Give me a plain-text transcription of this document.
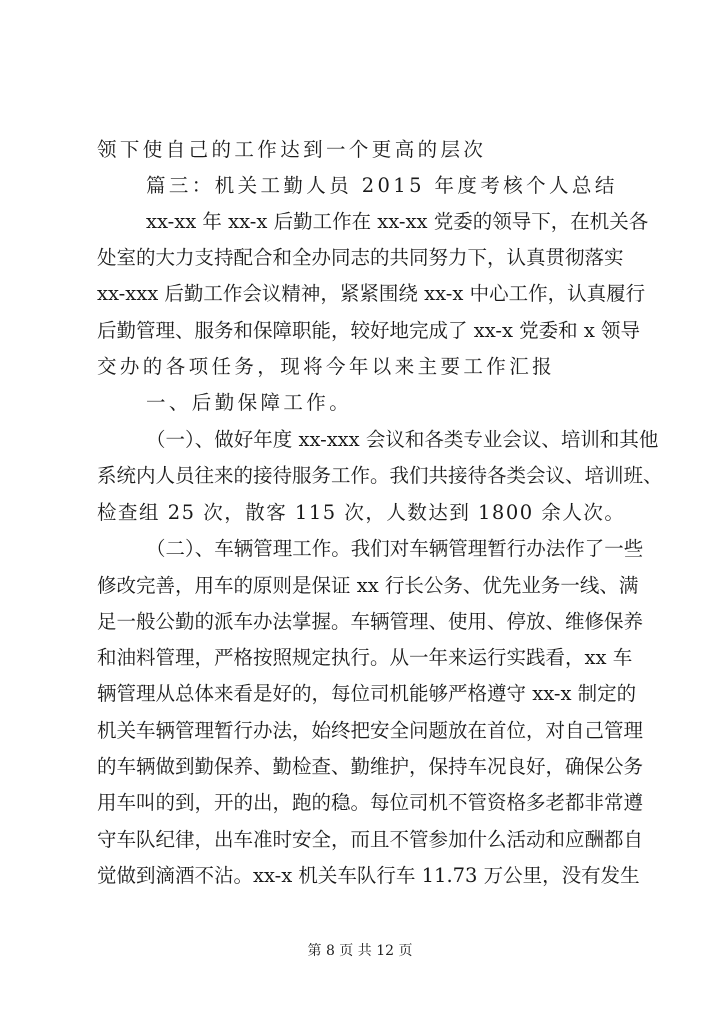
领下使自己的工作达到一个更高的层次
篇三：机关工勤人员 2015 年度考核个人总结
xx-xx 年 xx-x 后勤工作在 xx-xx 党委的领导下，在机关各
处室的大力支持配合和全办同志的共同努力下，认真贯彻落实
xx-xxx 后勤工作会议精神，紧紧围绕 xx-x 中心工作，认真履行
后勤管理、服务和保障职能，较好地完成了 xx-x 党委和 x 领导
交办的各项任务，现将今年以来主要工作汇报
一、后勤保障工作。
（一）、做好年度 xx-xxx 会议和各类专业会议、培训和其他
系统内人员往来的接待服务工作。我们共接待各类会议、培训班、
检查组 25 次，散客 115 次，人数达到 1800 余人次。
（二）、车辆管理工作。我们对车辆管理暂行办法作了一些
修改完善，用车的原则是保证 xx 行长公务、优先业务一线、满
足一般公勤的派车办法掌握。车辆管理、使用、停放、维修保养
和油料管理，严格按照规定执行。从一年来运行实践看，xx 车
辆管理从总体来看是好的，每位司机能够严格遵守 xx-x 制定的
机关车辆管理暂行办法，始终把安全问题放在首位，对自己管理
的车辆做到勤保养、勤检查、勤维护，保持车况良好，确保公务
用车叫的到，开的出，跑的稳。每位司机不管资格多老都非常遵
守车队纪律，出车准时安全，而且不管参加什么活动和应酬都自
觉做到滴酒不沾。xx-x 机关车队行车 11.73 万公里，没有发生
第 8 页 共 12 页
